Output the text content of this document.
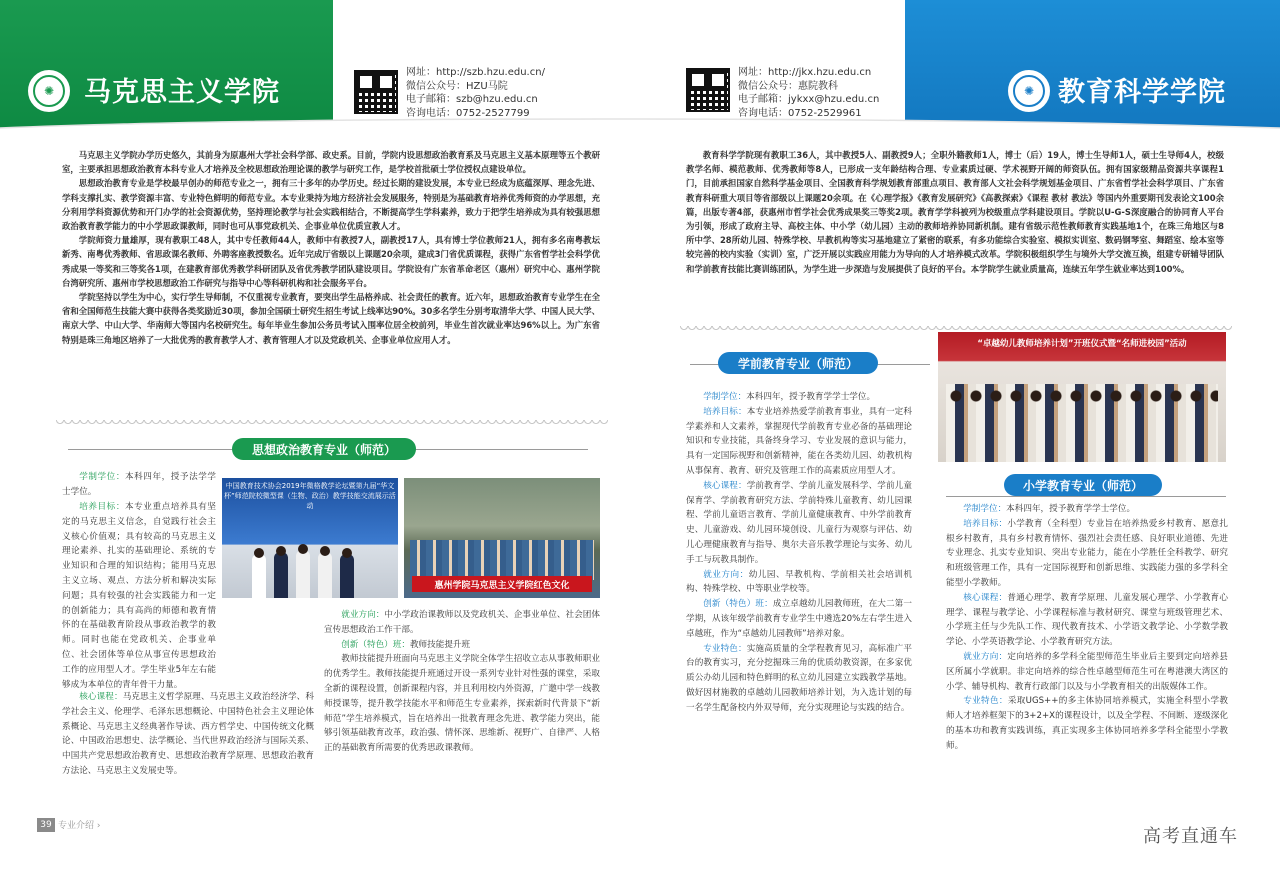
✺	马克思主义学院
网址：http://szb.hzu.edu.cn/
微信公众号：HZU马院
电子邮箱：szb@hzu.edu.cn
咨询电话：0752-2527799
网址：http://jkx.hzu.edu.cn
微信公众号：惠院教科
电子邮箱：jykxx@hzu.edu.cn
咨询电话：0752-2529961
✺ 教育科学学院

马克思主义学院办学历史悠久，其前身为原惠州大学社会科学部、政史系。目前，学院内设思想政治教育系及马克思主义基本原理等五个教研室，主要承担思想政治教育本科专业人才培养及全校思想政治理论课的教学与研究工作，是学校首批硕士学位授权点建设单位。

思想政治教育专业是学校最早创办的师范专业之一，拥有三十多年的办学历史。经过长期的建设发展，本专业已经成为底蕴深厚、理念先进、学科支撑扎实、教学资源丰富、专业特色鲜明的师范专业。本专业秉持为地方经济社会发展服务，特别是为基础教育培养优秀师资的办学思想，充分利用学科资源优势和开门办学的社会资源优势，坚持理论教学与社会实践相结合，不断提高学生学科素养，致力于把学生培养成为具有较强思想政治教育教学能力的中小学思政课教师，同时也可从事党政机关、企事业单位优质宣教人才。

学院师资力量雄厚，现有教职工48人，其中专任教师44人，教师中有教授7人，副教授17人，具有博士学位教师21人，拥有多名南粤教坛新秀、南粤优秀教师、省思政课名教师、外聘客座教授数名。近年完成厅省级以上课题20余项，建成3门省优质课程，获得广东省哲学社会科学优秀成果一等奖和三等奖各1项，在建教育部优秀教学科研团队及省优秀教学团队建设项目。学院设有广东省革命老区（惠州）研究中心、惠州学院台湾研究所、惠州市学校思想政治工作研究与指导中心等科研机构和社会服务平台。

学院坚持以学生为中心，实行学生导师制，不仅重视专业教育，要突出学生品格养成、社会责任的教育。近六年，思想政治教育专业学生在全省和全国师范生技能大赛中获得各类奖励近30项，参加全国硕士研究生招生考试上线率达90%。30多名学生分别考取清华大学、中国人民大学、南京大学、中山大学、华南师大等国内名校研究生。每年毕业生参加公务员考试入围率位居全校前列，毕业生首次就业率达96%以上。为广东省特别是珠三角地区培养了一大批优秀的教育教学人才、教育管理人才以及党政机关、企事业单位应用人才。

思想政治教育专业（师范）

学制学位：本科四年，授予法学学士学位。

培养目标：本专业重点培养具有坚定的马克思主义信念，自觉践行社会主义核心价值观；具有较高的马克思主义理论素养、扎实的基础理论、系统的专业知识和合理的知识结构；能用马克思主义立场、观点、方法分析和解决实际问题；具有较强的社会实践能力和一定的创新能力；具有高尚的师德和教育情怀的在基础教育阶段从事政治教学的教师。同时也能在党政机关、企事业单位、社会团体等单位从事宣传思想政治工作的应用型人才。学生毕业5年左右能够成为本单位的青年骨干力量。

中国教育技术协会2019年微格教学论坛暨第九届“华文杯”师范院校微型课（生物、政治）教学技能交流展示活动
惠州学院马克思主义学院红色文化

核心课程：马克思主义哲学原理、马克思主义政治经济学、科学社会主义、伦理学、毛泽东思想概论、中国特色社会主义理论体系概论、马克思主义经典著作导读、西方哲学史、中国传统文化概论、中国政治思想史、法学概论、当代世界政治经济与国际关系、中国共产党思想政治教育史、思想政治教育学原理、思想政治教育方法论、马克思主义发展史等。

就业方向：中小学政治课教师以及党政机关、企事业单位、社会团体宣传思想政治工作干部。

创新（特色）班：教师技能提升班

教师技能提升班面向马克思主义学院全体学生招收立志从事教师职业的优秀学生。教师技能提升班通过开设一系列专业针对性强的课堂，采取全新的课程设置，创新课程内容，并且利用校内外资源，广邀中学一线教师授课等，提升教学技能水平和师范生专业素养，探索新时代背景下“新师范”学生培养模式，旨在培养出一批教育理念先进、教学能力突出，能够引领基础教育改革，政治强、情怀深、思维新、视野广、自律严、人格正的基础教育所需要的优秀思政课教师。

教育科学学院现有教职工36人，其中教授5人、副教授9人；全职外籍教师1人，博士（后）19人，博士生导师1人，硕士生导师4人，校级教学名师、模范教师、优秀教师等8人，已形成一支年龄结构合理、专业素质过硬、学术视野开阔的师资队伍。拥有国家级精品资源共享课程1门，目前承担国家自然科学基金项目、全国教育科学规划教育部重点项目、教育部人文社会科学规划基金项目、广东省哲学社会科学项目、广东省教育科研重大项目等省部级以上课题20余项。在《心理学报》《教育发展研究》《高教探索》《课程 教材 教法》等国内外重要期刊发表论文100余篇，出版专著4部，获惠州市哲学社会优秀成果奖三等奖2项。教育学学科被列为校级重点学科建设项目。学院以U-G-S深度融合的协同育人平台为引领，形成了政府主导、高校主体、中小学（幼儿园）主动的教师培养协同新机制。建有省级示范性教师教育实践基地1个，在珠三角地区与8所中学、28所幼儿园、特殊学校、早教机构等实习基地建立了紧密的联系，有多功能综合实验室、模拟实训室、数码钢琴室、舞蹈室、绘本室等较完善的校内实验（实训）室，广泛开展以实践应用能力为导向的人才培养模式改革。学院积极组织学生与境外大学交流互换，组建专研辅导团队和学前教育技能比赛训练团队，为学生进一步深造与发展提供了良好的平台。本学院学生就业质量高，连续五年学生就业率达到100%。

学前教育专业（师范）

学制学位：本科四年，授予教育学学士学位。

培养目标：本专业培养热爱学前教育事业，具有一定科学素养和人文素养，掌握现代学前教育专业必备的基础理论知识和专业技能，具备终身学习、专业发展的意识与能力，具有一定国际视野和创新精神，能在各类幼儿园、幼教机构从事保育、教育、研究及管理工作的高素质应用型人才。

核心课程：学前教育学、学前儿童发展科学、学前儿童保育学、学前教育研究方法、学前特殊儿童教育、幼儿园课程、学前儿童语言教育、学前儿童健康教育、中外学前教育史、儿童游戏、幼儿园环境创设、儿童行为观察与评估、幼儿心理健康教育与指导、奥尔夫音乐教学理论与实务、幼儿手工与玩教具制作。

就业方向：幼儿园、早教机构、学前相关社会培训机构、特殊学校、中等职业学校等。

创新（特色）班：成立卓越幼儿园教师班，在大二第一学期，从该年级学前教育专业学生中遴选20%左右学生进入卓越班，作为“卓越幼儿园教师”培养对象。

专业特色：实施高质量的全学程教育见习，高标准广平台的教育实习，充分挖掘珠三角的优质幼教资源，在多家优质公办幼儿园和特色鲜明的私立幼儿园建立实践教学基地。做好因材施教的卓越幼儿园教师培养计划，为入选计划的每一名学生配备校内外双导师，充分实现理论与实践的结合。

“卓越幼儿教师培养计划”开班仪式暨“名师进校园”活动
小学教育专业（师范）

学制学位：本科四年，授予教育学学士学位。

培养目标：小学教育（全科型）专业旨在培养热爱乡村教育、愿意扎根乡村教育，具有乡村教育情怀、强烈社会责任感、良好职业道德、先进专业理念、扎实专业知识、突出专业能力，能在小学胜任全科教学、研究和班级管理工作，具有一定国际视野和创新思维、实践能力强的多学科全能型小学教师。

核心课程：普通心理学、教育学原理、儿童发展心理学、小学教育心理学、课程与教学论、小学课程标准与教材研究、课堂与班级管理艺术、小学班主任与少先队工作、现代教育技术、小学语文教学论、小学数学教学论、小学英语教学论、小学教育研究方法。

就业方向：定向培养的多学科全能型师范生毕业后主要到定向培养县区所属小学就职。非定向培养的综合性卓越型师范生可在粤港澳大湾区的小学、辅导机构、教育行政部门以及与小学教育相关的出版媒体工作。

专业特色：采取UGS++的多主体协同培养模式，实施全科型小学教师人才培养框架下的3+2+X的课程设计，以及全学程、不间断、逐级深化的基本功和教育实践训练，真正实现多主体协同培养多学科全能型小学教师。

39 专业介绍 ›	高考直通车
